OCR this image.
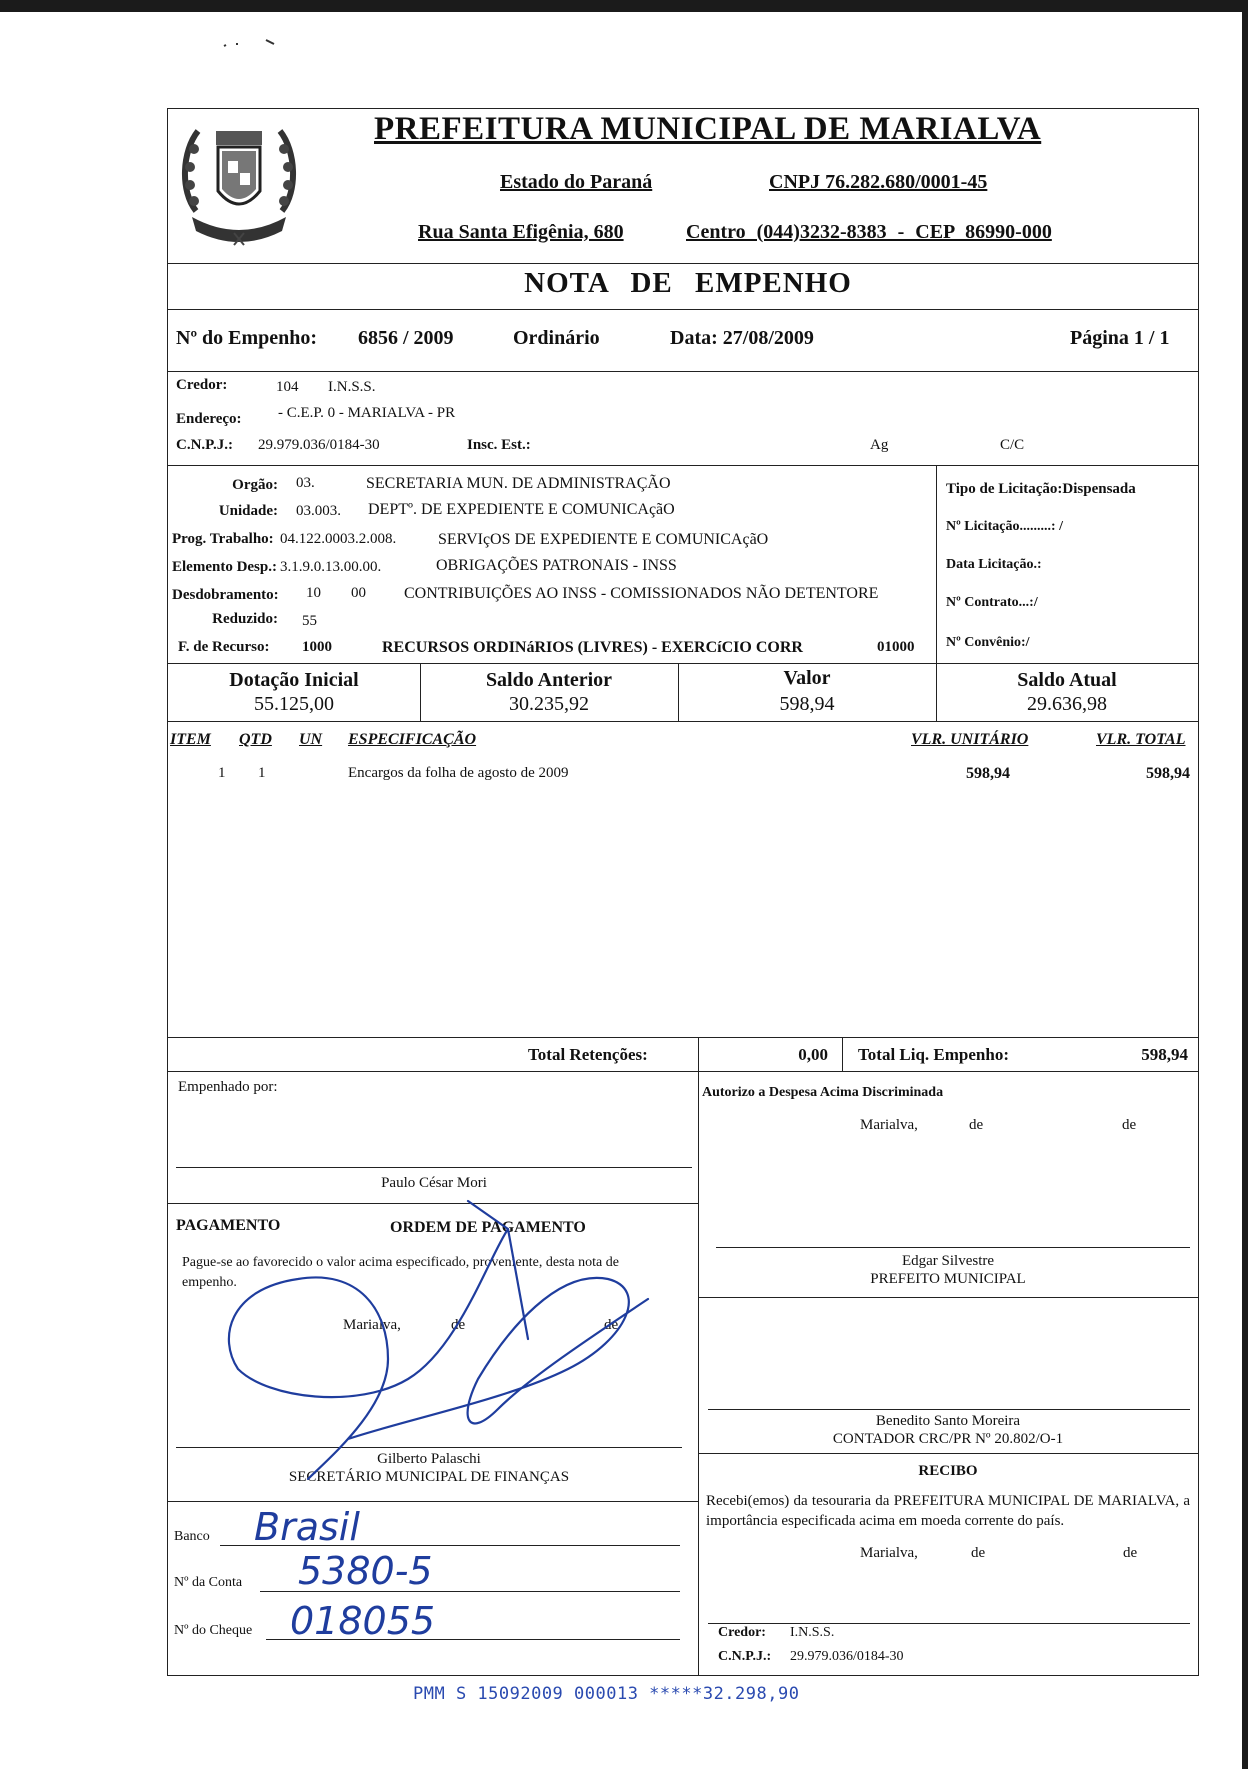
PREFEITURA MUNICIPAL DE MARIALVA
Estado do Paraná	CNPJ 76.282.680/0001-45
Rua Santa Efigênia, 680	Centro (044)3232-8383 - CEP 86990-000
NOTA DE EMPENHO
Nº do Empenho: 6856 / 2009	Ordinário	Data: 27/08/2009	Página 1 / 1
Credor:	104 I.N.S.S.
Endereço: - C.E.P. 0 - MARIALVA - PR
C.N.P.J.: 29.979.036/0184-30	Insc. Est.:	Ag	C/C
Orgão: 03.	SECRETARIA MUN. DE ADMINISTRAÇÃO
Unidade: 03.003. DEPTº. DE EXPEDIENTE E COMUNICAçãO
Prog. Trabalho: 04.122.0003.2.008.	SERVIçOS DE EXPEDIENTE E COMUNICAçãO
Elemento Desp.: 3.1.9.0.13.00.00.	OBRIGAÇÕES PATRONAIS - INSS
Desdobramento: 10 00 CONTRIBUIÇÕES AO INSS - COMISSIONADOS NÃO DETENTORE
Reduzido: 55
F. de Recurso: 1000	RECURSOS ORDINáRIOS (LIVRES) - EXERCíCIO CORR	01000
Tipo de Licitação:Dispensada
Nº Licitação.........: /
Data Licitação.:
Nº Contrato...:/
Nº Convênio:/
Dotação Inicial
55.125,00
Saldo Anterior
30.235,92
Valor
598,94
Saldo Atual
29.636,98
ITEM QTD UN ESPECIFICAÇÃO	VLR. UNITÁRIO	VLR. TOTAL
1 1	Encargos da folha de agosto de 2009	598,94	598,94
Total Retenções:	0,00 Total Liq. Empenho:	598,94
Empenhado por:
Paulo César Mori
Autorizo a Despesa Acima Discriminada
Marialva,	de	de
Edgar Silvestre
PREFEITO MUNICIPAL
Benedito Santo Moreira
CONTADOR CRC/PR Nº 20.802/O-1
PAGAMENTO	ORDEM DE PAGAMENTO
Pague-se ao favorecido o valor acima especificado, proveniente, desta nota de empenho.
Marialva,	de	de
Gilberto Palaschi
SECRETÁRIO MUNICIPAL DE FINANÇAS
Banco Brasil
Nº da Conta 5380-5
Nº do Cheque 018055
RECIBO
Recebi(emos) da tesouraria da PREFEITURA MUNICIPAL DE MARIALVA, a importância especificada acima em moeda corrente do país.
Marialva,	de	de
Credor: I.N.S.S.
C.N.P.J.: 29.979.036/0184-30
PMM S 15092009 000013 *****32.298,90
